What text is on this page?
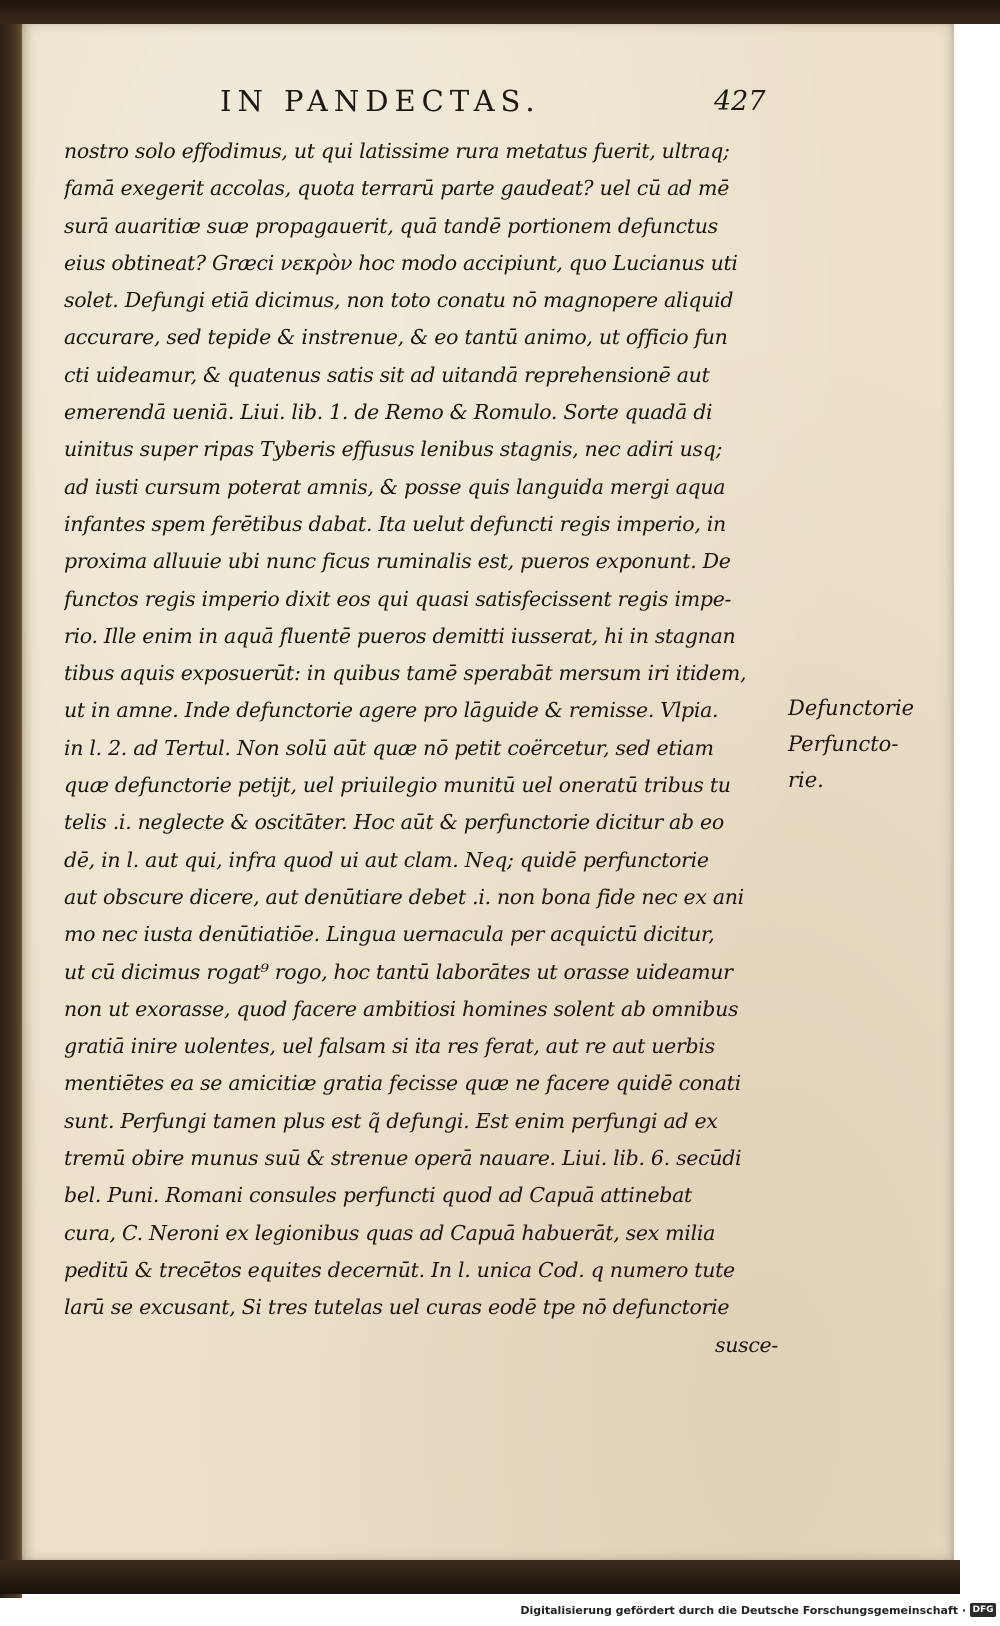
IN PANDECTAS.	427
nostro solo effodimus, ut qui latissime rura metatus fuerit, ultraq;
famā exegerit accolas, quota terrarū parte gaudeat? uel cū ad mē
surā auaritiæ suæ propagauerit, quā tandē portionem defunctus
eius obtineat? Græci νεκρὸν hoc modo accipiunt, quo Lucianus uti
solet. Defungi etiā dicimus, non toto conatu nō magnopere aliquid
accurare, sed tepide & instrenue, & eo tantū animo, ut officio fun
cti uideamur, & quatenus satis sit ad uitandā reprehensionē aut
emerendā ueniā. Liui. lib. 1. de Remo & Romulo. Sorte quadā di
uinitus super ripas Tyberis effusus lenibus stagnis, nec adiri usq;
ad iusti cursum poterat amnis, & posse quis languida mergi aqua
infantes spem ferētibus dabat. Ita uelut defuncti regis imperio, in
proxima alluuie ubi nunc ficus ruminalis est, pueros exponunt. De
functos regis imperio dixit eos qui quasi satisfecissent regis impe-
rio. Ille enim in aquā fluentē pueros demitti iusserat, hi in stagnan
tibus aquis exposuerūt: in quibus tamē sperabāt mersum iri itidem,
ut in amne. Inde defunctorie agere pro lāguide & remisse. Vlpia.
in l. 2. ad Tertul. Non solū aūt quæ nō petit coërcetur, sed etiam
quæ defunctorie petijt, uel priuilegio munitū uel oneratū tribus tu
telis .i. neglecte & oscitāter. Hoc aūt & perfunctorie dicitur ab eo
dē, in l. aut qui, infra quod ui aut clam. Neq; quidē perfunctorie
aut obscure dicere, aut denūtiare debet .i. non bona fide nec ex ani
mo nec iusta denūtiatiōe. Lingua uernacula per acquictū dicitur,
ut cū dicimus rogat⁹ rogo, hoc tantū laborātes ut orasse uideamur
non ut exorasse, quod facere ambitiosi homines solent ab omnibus
gratiā inire uolentes, uel falsam si ita res ferat, aut re aut uerbis
mentiētes ea se amicitiæ gratia fecisse quæ ne facere quidē conati
sunt. Perfungi tamen plus est q̃ defungi. Est enim perfungi ad ex
tremū obire munus suū & strenue operā nauare. Liui. lib. 6. secūdi
bel. Puni. Romani consules perfuncti quod ad Capuā attinebat
cura, C. Neroni ex legionibus quas ad Capuā habuerāt, sex milia
peditū & trecētos equites decernūt. In l. unica Cod. q numero tute
larū se excusant, Si tres tutelas uel curas eodē tpe nō defunctorie
susce-
Defunctorie
Perfuncto-
rie.
Digitalisierung gefördert durch die Deutsche Forschungsgemeinschaft · DFG
